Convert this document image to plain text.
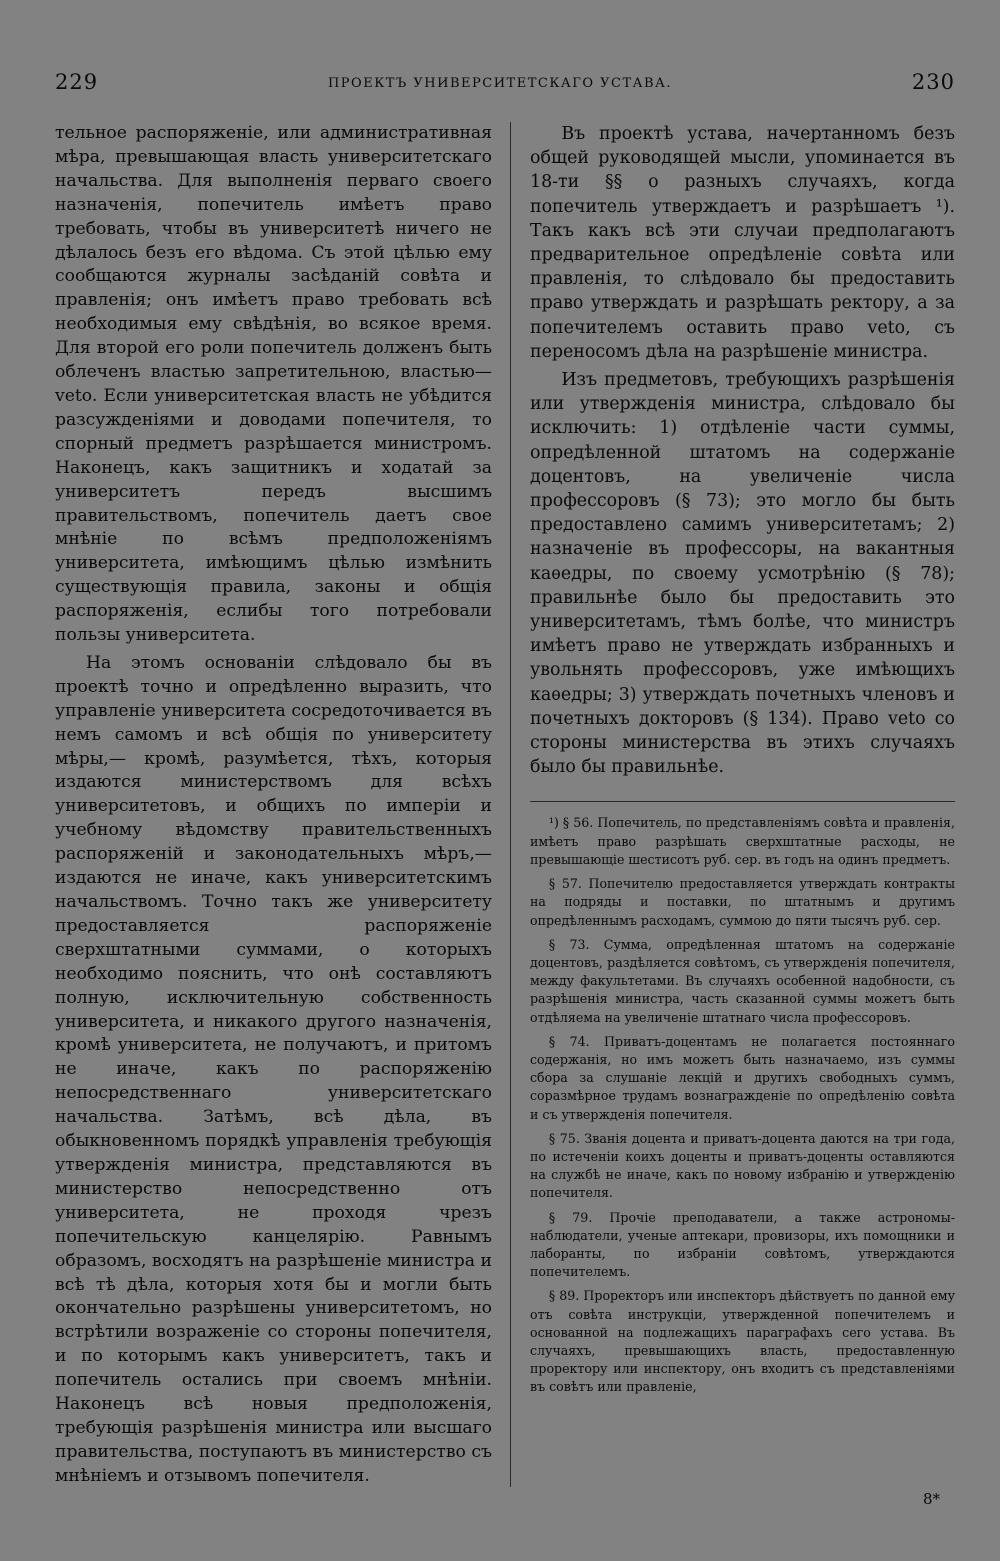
229	ПРОЕКТЪ УНИВЕРСИТЕТСКАГО УСТАВА.	230

тельное распоряженіе, или административная мѣра, превышающая власть университетскаго начальства. Для выполненія первaго своего назначенія, попечитель имѣетъ право требовать, чтобы въ университетѣ ничего не дѣлалось безъ его вѣдома. Съ этой цѣлью ему сообщаются журналы засѣданій совѣта и правленія; онъ имѣетъ право требовать всѣ необходимыя ему свѣдѣнія, во всякое время. Для второй его роли попечитель долженъ быть облеченъ властью запретительною, властью—veto. Если университетская власть не убѣдится разсужденіями и доводами попечителя, то спорный предметъ разрѣшается министромъ. Наконецъ, какъ защитникъ и ходатай за университетъ передъ высшимъ правительствомъ, попечитель даетъ свое мнѣніе по всѣмъ предположеніямъ университета, имѣющимъ цѣлью измѣнить существующія правила, законы и общія распоряженія, еслибы того потребовали пользы университета.

На этомъ основаніи слѣдовало бы въ проектѣ точно и опредѣленно выразить, что управленіе университета сосредоточивается въ немъ самомъ и всѣ общія по университету мѣры,— кромѣ, разумѣется, тѣхъ, которыя издаются министерствомъ для всѣхъ университетовъ, и общихъ по имперіи и учебному вѣдомству правительственныхъ распоряженій и законодательныхъ мѣръ,—издаются не иначе, какъ университетскимъ начальствомъ. Точно такъ же университету предоставляется распоряженіе сверхштатными суммами, о которыхъ необходимо пояснить, что онѣ составляютъ полную, исключительную собственность университета, и никакого другого назначенія, кромѣ университета, не получаютъ, и притомъ не иначе, какъ по распоряженію непосредственнаго университетскаго начальства. Затѣмъ, всѣ дѣла, въ обыкновенномъ порядкѣ управленія требующія утвержденія министра, представляются въ министерство непосредственно отъ университета, не проходя чрезъ попечительскую канцелярію. Равнымъ образомъ, восходятъ на разрѣшеніе министра и всѣ тѣ дѣла, которыя хотя бы и могли быть окончательно разрѣшены университетомъ, но встрѣтили возраженіе со стороны попечителя, и по которымъ какъ университетъ, такъ и попечитель остались при своемъ мнѣніи. Наконецъ всѣ новыя предположенія, требующія разрѣшенія министра или высшаго правительства, поступаютъ въ министерство съ мнѣніемъ и отзывомъ попечителя.

Въ проектѣ устава, начертанномъ безъ общей руководящей мысли, упоминается въ 18-ти §§ о разныхъ случаяхъ, когда попечитель утверждаетъ и разрѣшаетъ ¹). Такъ какъ всѣ эти случаи предполагаютъ предварительное опредѣленіе совѣта или правленія, то слѣдовало бы предоставить право утверждать и разрѣшать ректору, а за попечителемъ оставить право veto, съ переносомъ дѣла на разрѣшеніе министра.

Изъ предметовъ, требующихъ разрѣшенія или утвержденія министра, слѣдовало бы исключить: 1) отдѣленіе части суммы, опредѣленной штатомъ на содержаніе доцентовъ, на увеличеніе числа профессоровъ (§ 73); это могло бы быть предоставлено самимъ университетамъ; 2) назначеніе въ профессоры, на вакантныя каѳедры, по своему усмотрѣнію (§ 78); правильнѣе было бы предоставить это университетамъ, тѣмъ болѣе, что министръ имѣетъ право не утверждать избранныхъ и увольнять профессоровъ, уже имѣющихъ каѳедры; 3) утверждать почетныхъ членовъ и почетныхъ докторовъ (§ 134). Право veto со стороны министерства въ этихъ случаяхъ было бы правильнѣе.

¹) § 56. Попечитель, по представленіямъ совѣта и правленія, имѣетъ право разрѣшать сверхштатные расходы, не превышающіе шестисотъ руб. сер. въ годъ на одинъ предметъ.

§ 57. Попечителю предоставляется утверждать контракты на подряды и поставки, по штатнымъ и другимъ опредѣленнымъ расходамъ, суммою до пяти тысячъ руб. сер.

§ 73. Сумма, опредѣленная штатомъ на содержаніе доцентовъ, раздѣляется совѣтомъ, съ утвержденія попечителя, между факультетами. Въ случаяхъ особенной надобности, съ разрѣшенія министра, часть сказанной суммы можетъ быть отдѣляема на увеличеніе штатнаго числа профессоровъ.

§ 74. Приватъ-доцентамъ не полагается постояннаго содержанія, но имъ можетъ быть назначаемо, изъ суммы сбора за слушаніе лекцій и другихъ свободныхъ суммъ, соразмѣрное трудамъ вознагражденіе по опредѣленію совѣта и съ утвержденія попечителя.

§ 75. Званія доцента и приватъ-доцента даются на три года, по истеченіи коихъ доценты и приватъ-доценты оставляются на службѣ не иначе, какъ по новому избранію и утвержденію попечителя.

§ 79. Прочіе преподаватели, а также астрономы-наблюдатели, ученые аптекари, провизоры, ихъ помощники и лаборанты, по избраніи совѣтомъ, утверждаются попечителемъ.

§ 89. Проректоръ или инспекторъ дѣйствуетъ по данной ему отъ совѣта инструкціи, утвержденной попечителемъ и основанной на подлежащихъ параграфахъ сего устава. Въ случаяхъ, превышающихъ власть, предоставленную проректору или инспектору, онъ входитъ съ представленіями въ совѣтъ или правленіе,

8*
